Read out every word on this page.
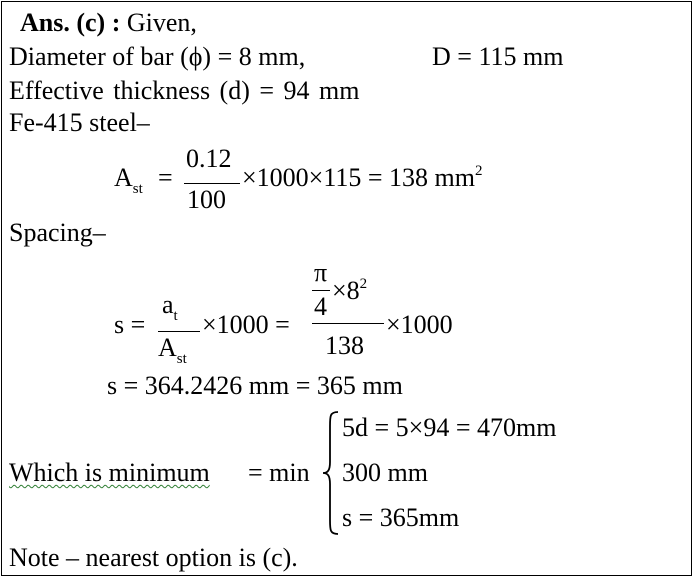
Ans. (c) : Given,
Diameter of bar (ϕ) = 8 mm,	D = 115 mm
Effective thickness (d) = 94 mm
Fe-415 steel–
$A_{st}$ =
0.12
100
×1000×115 = 138 $mm^2$
Spacing–
s =
$a_t$
$A_{st}$
×1000 =
π
4
$\times 8^2$
138
×1000
s = 364.2426 mm = 365 mm
Which is minimum = min
5d = 5×94 = 470mm
300 mm
s = 365mm
Note – nearest option is (c).
